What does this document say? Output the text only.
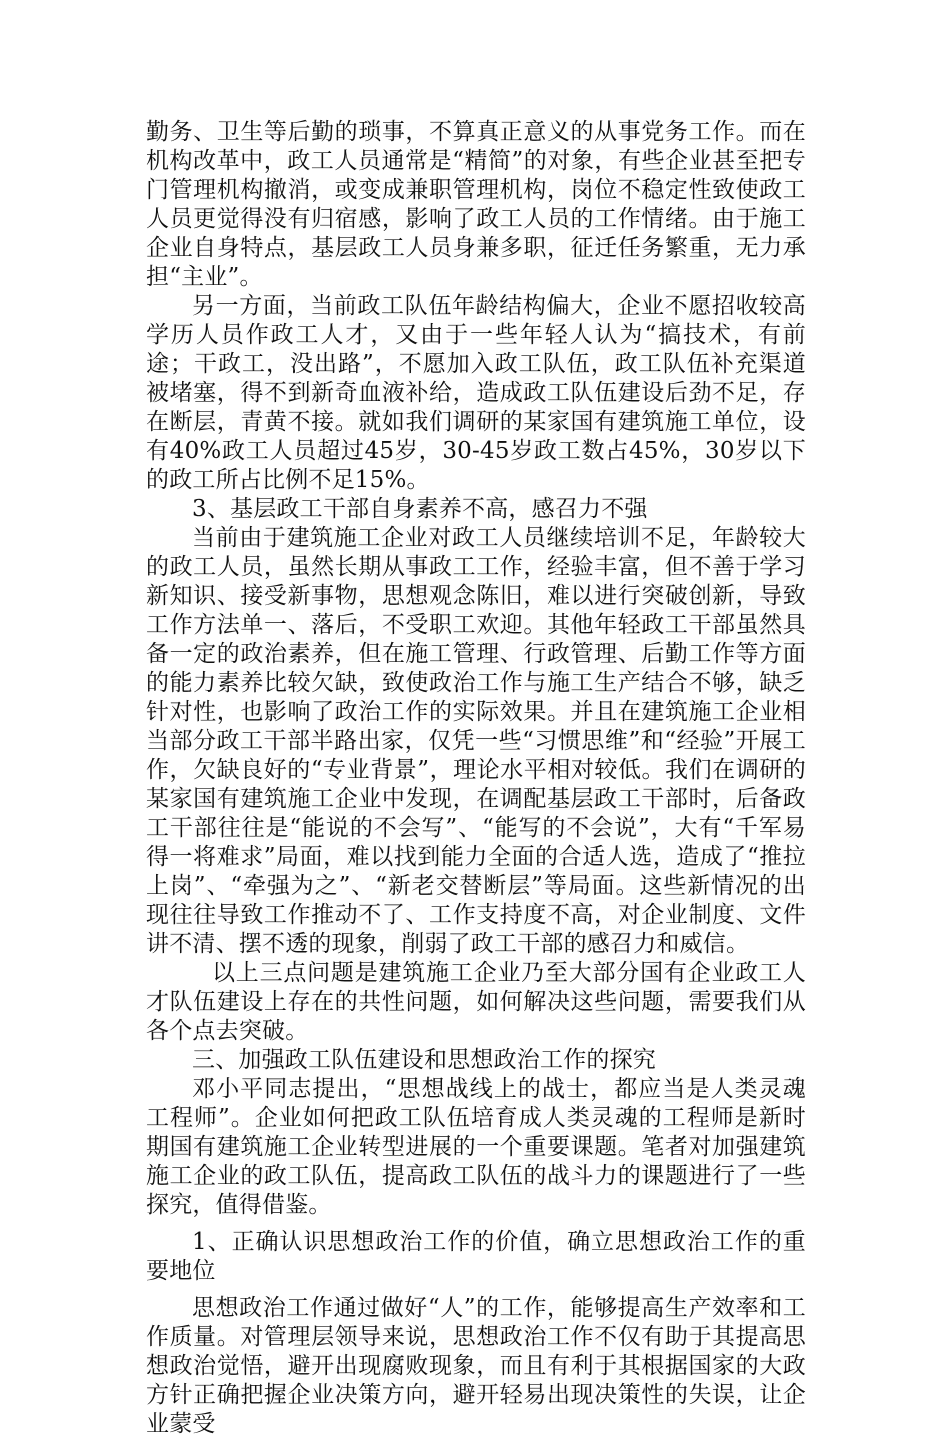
勤务、卫生等后勤的琐事，不算真正意义的从事党务工作。而在机构改革中，政工人员通常是“精简”的对象，有些企业甚至把专门管理机构撤消，或变成兼职管理机构，岗位不稳定性致使政工人员更觉得没有归宿感，影响了政工人员的工作情绪。由于施工企业自身特点，基层政工人员身兼多职，征迁任务繁重，无力承担“主业”。

另一方面，当前政工队伍年龄结构偏大，企业不愿招收较高学历人员作政工人才，又由于一些年轻人认为“搞技术，有前途；干政工，没出路”，不愿加入政工队伍，政工队伍补充渠道被堵塞，得不到新奇血液补给，造成政工队伍建设后劲不足，存在断层，青黄不接。就如我们调研的某家国有建筑施工单位，设有40%政工人员超过45岁，30-45岁政工数占45%，30岁以下的政工所占比例不足15%。

3、基层政工干部自身素养不高，感召力不强

当前由于建筑施工企业对政工人员继续培训不足，年龄较大的政工人员，虽然长期从事政工工作，经验丰富，但不善于学习新知识、接受新事物，思想观念陈旧，难以进行突破创新，导致工作方法单一、落后，不受职工欢迎。其他年轻政工干部虽然具备一定的政治素养，但在施工管理、行政管理、后勤工作等方面的能力素养比较欠缺，致使政治工作与施工生产结合不够，缺乏针对性，也影响了政治工作的实际效果。并且在建筑施工企业相当部分政工干部半路出家，仅凭一些“习惯思维”和“经验”开展工作，欠缺良好的“专业背景”，理论水平相对较低。我们在调研的某家国有建筑施工企业中发现，在调配基层政工干部时，后备政工干部往往是“能说的不会写”、“能写的不会说”，大有“千军易得一将难求”局面，难以找到能力全面的合适人选，造成了“推拉上岗”、“牵强为之”、“新老交替断层”等局面。这些新情况的出现往往导致工作推动不了、工作支持度不高，对企业制度、文件讲不清、摆不透的现象，削弱了政工干部的感召力和威信。

以上三点问题是建筑施工企业乃至大部分国有企业政工人才队伍建设上存在的共性问题，如何解决这些问题，需要我们从各个点去突破。

三、加强政工队伍建设和思想政治工作的探究

邓小平同志提出，“思想战线上的战士，都应当是人类灵魂工程师”。企业如何把政工队伍培育成人类灵魂的工程师是新时期国有建筑施工企业转型进展的一个重要课题。笔者对加强建筑施工企业的政工队伍，提高政工队伍的战斗力的课题进行了一些探究，值得借鉴。

1、正确认识思想政治工作的价值，确立思想政治工作的重要地位

思想政治工作通过做好“人”的工作，能够提高生产效率和工作质量。对管理层领导来说，思想政治工作不仅有助于其提高思想政治觉悟，避开出现腐败现象，而且有利于其根据国家的大政方针正确把握企业决策方向，避开轻易出现决策性的失误，让企业蒙受
